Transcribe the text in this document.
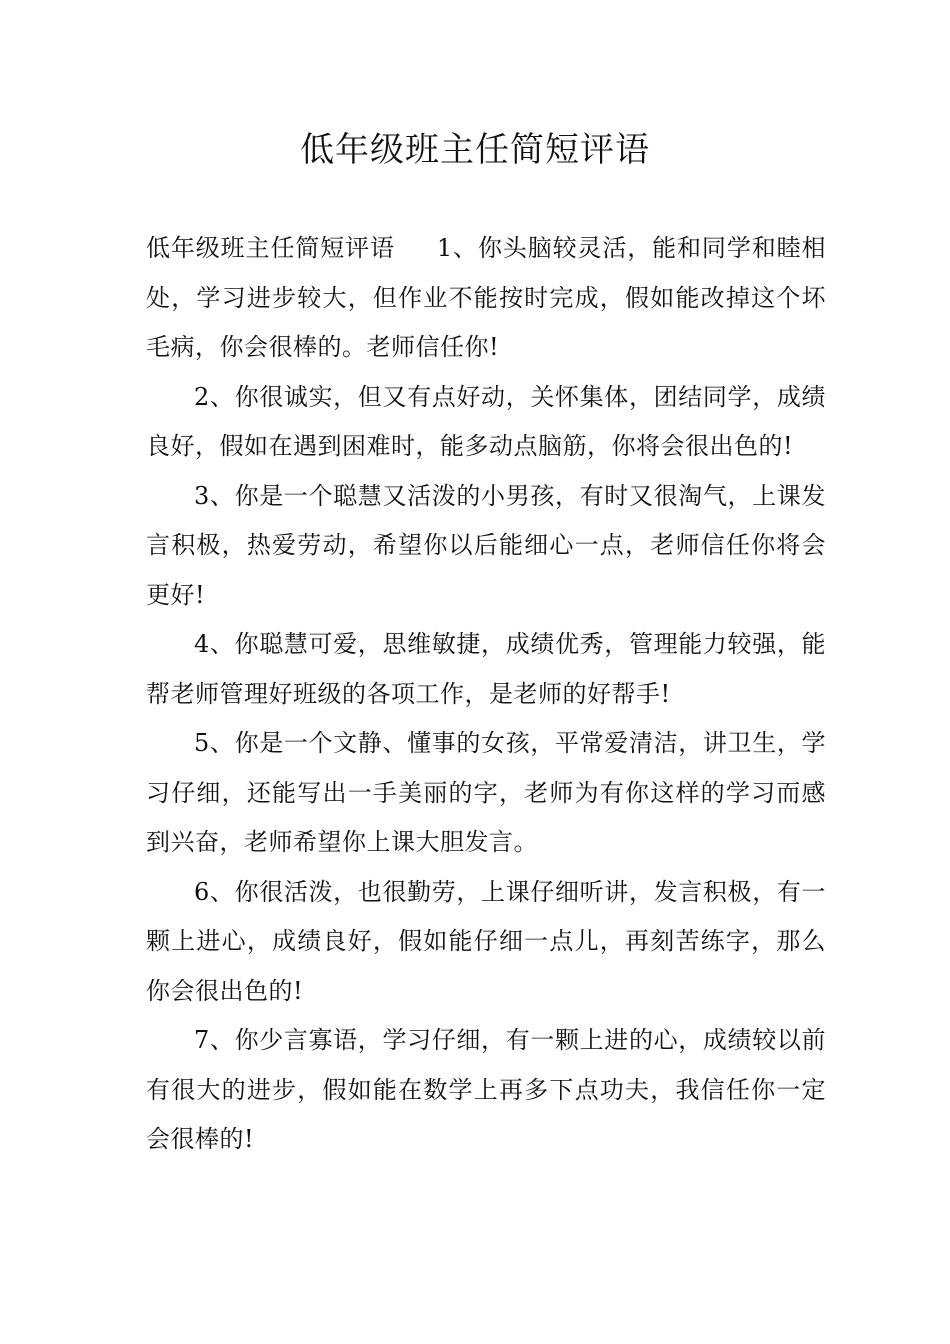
低年级班主任简短评语

低年级班主任简短评语 1、你头脑较灵活，能和同学和睦相处，学习进步较大，但作业不能按时完成，假如能改掉这个坏毛病，你会很棒的。老师信任你!

2、你很诚实，但又有点好动，关怀集体，团结同学，成绩良好，假如在遇到困难时，能多动点脑筋，你将会很出色的!

3、你是一个聪慧又活泼的小男孩，有时又很淘气，上课发言积极，热爱劳动，希望你以后能细心一点，老师信任你将会更好!

4、你聪慧可爱，思维敏捷，成绩优秀，管理能力较强，能帮老师管理好班级的各项工作，是老师的好帮手!

5、你是一个文静、懂事的女孩，平常爱清洁，讲卫生，学习仔细，还能写出一手美丽的字，老师为有你这样的学习而感到兴奋，老师希望你上课大胆发言。

6、你很活泼，也很勤劳，上课仔细听讲，发言积极，有一颗上进心，成绩良好，假如能仔细一点儿，再刻苦练字，那么你会很出色的!

7、你少言寡语，学习仔细，有一颗上进的心，成绩较以前有很大的进步，假如能在数学上再多下点功夫，我信任你一定会很棒的!
